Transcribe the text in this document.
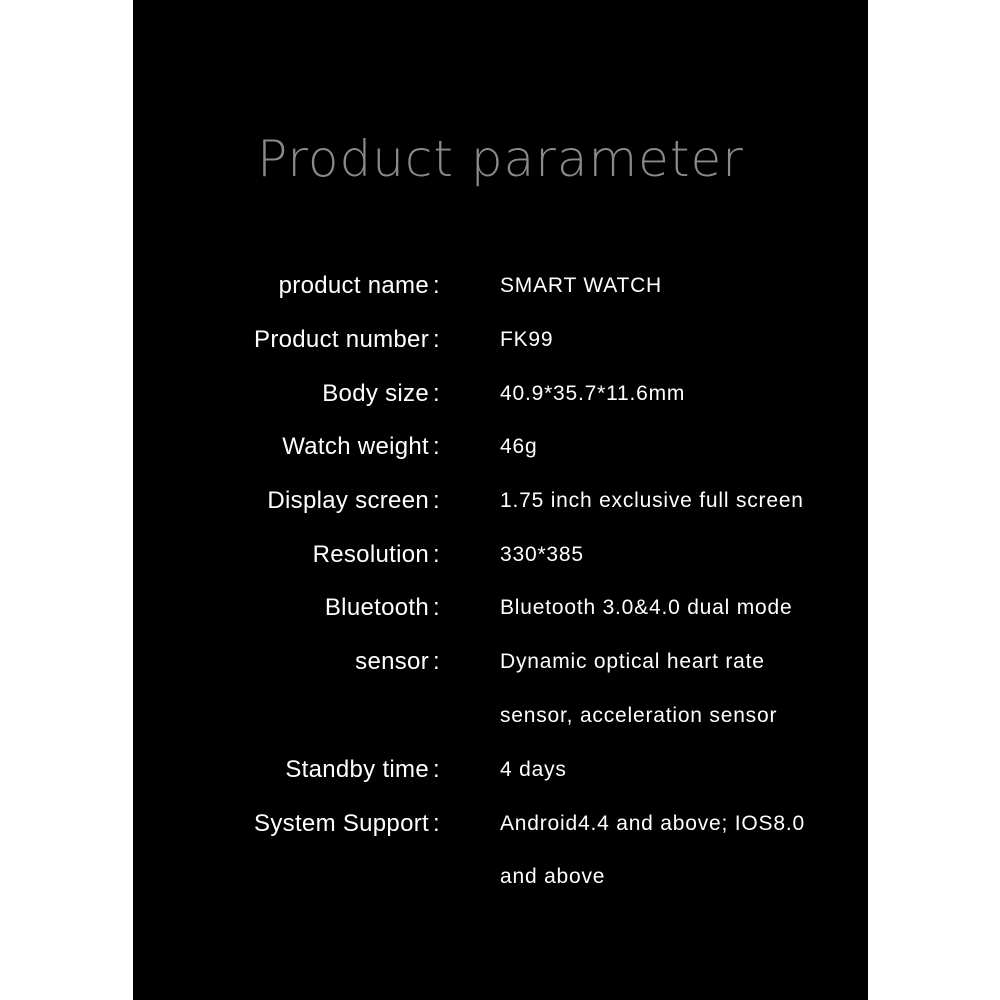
Product parameter
product name :	SMART WATCH
Product number :	FK99
Body size :	40.9*35.7*11.6mm
Watch weight :	46g
Display screen :	1.75 inch exclusive full screen
Resolution :	330*385
Bluetooth :	Bluetooth 3.0&4.0 dual mode
sensor :	Dynamic optical heart rate
sensor, acceleration sensor
Standby time :	4 days
System Support :	Android4.4 and above; IOS8.0
and above
